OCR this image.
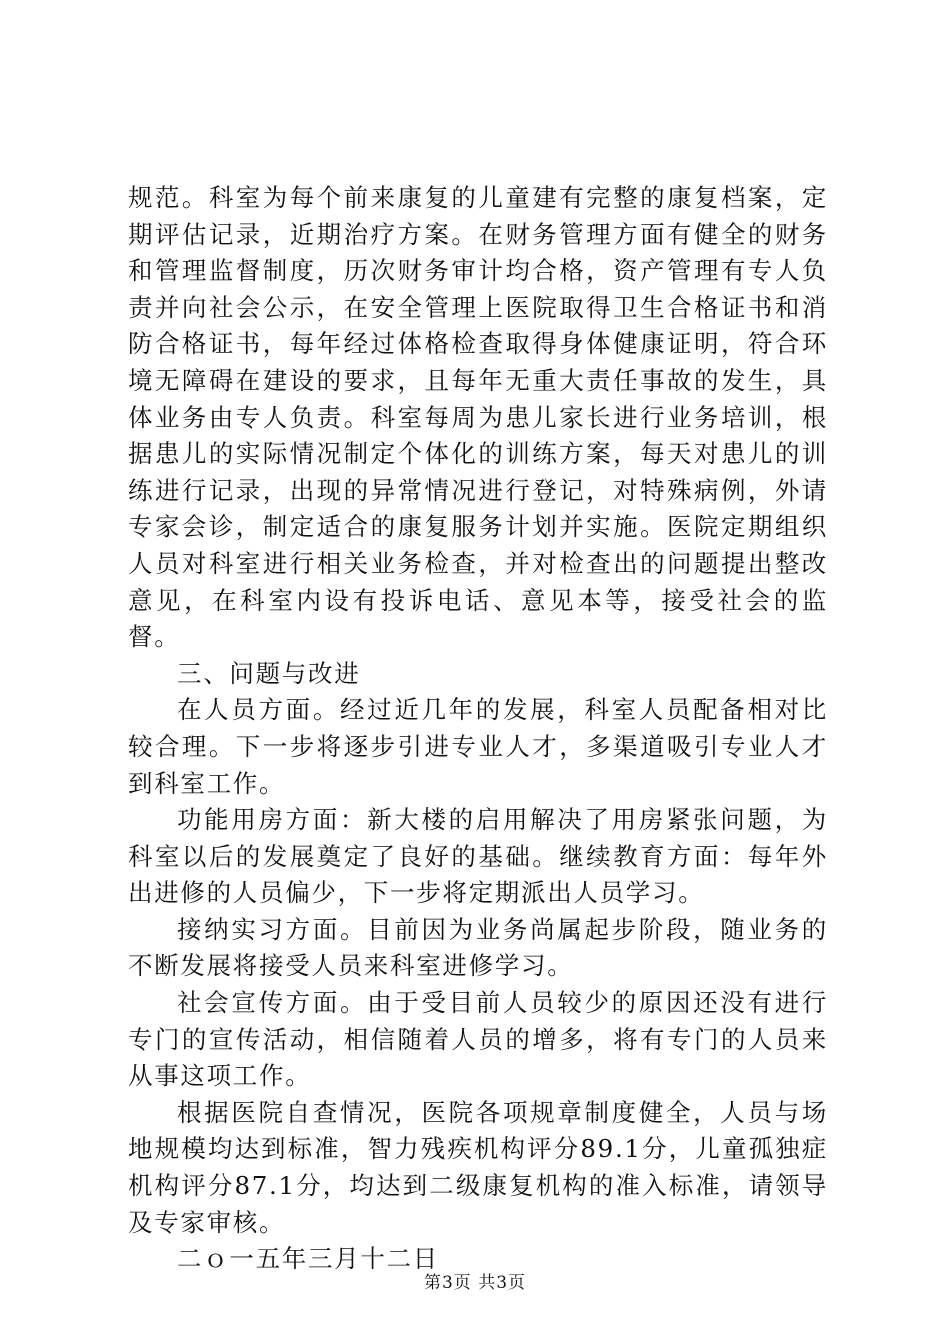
规范。科室为每个前来康复的儿童建有完整的康复档案，定期评估记录，近期治疗方案。在财务管理方面有健全的财务和管理监督制度，历次财务审计均合格，资产管理有专人负责并向社会公示，在安全管理上医院取得卫生合格证书和消防合格证书，每年经过体格检查取得身体健康证明，符合环境无障碍在建设的要求，且每年无重大责任事故的发生，具体业务由专人负责。科室每周为患儿家长进行业务培训，根据患儿的实际情况制定个体化的训练方案，每天对患儿的训练进行记录，出现的异常情况进行登记，对特殊病例，外请专家会诊，制定适合的康复服务计划并实施。医院定期组织人员对科室进行相关业务检查，并对检查出的问题提出整改意见，在科室内设有投诉电话、意见本等，接受社会的监督。

三、问题与改进

在人员方面。经过近几年的发展，科室人员配备相对比较合理。下一步将逐步引进专业人才，多渠道吸引专业人才到科室工作。

功能用房方面：新大楼的启用解决了用房紧张问题，为科室以后的发展奠定了良好的基础。继续教育方面：每年外出进修的人员偏少，下一步将定期派出人员学习。

接纳实习方面。目前因为业务尚属起步阶段，随业务的不断发展将接受人员来科室进修学习。

社会宣传方面。由于受目前人员较少的原因还没有进行专门的宣传活动，相信随着人员的增多，将有专门的人员来从事这项工作。

根据医院自查情况，医院各项规章制度健全，人员与场地规模均达到标准，智力残疾机构评分89.1分，儿童孤独症机构评分87.1分，均达到二级康复机构的准入标准，请领导及专家审核。

二ｏ一五年三月十二日

第3页 共3页
